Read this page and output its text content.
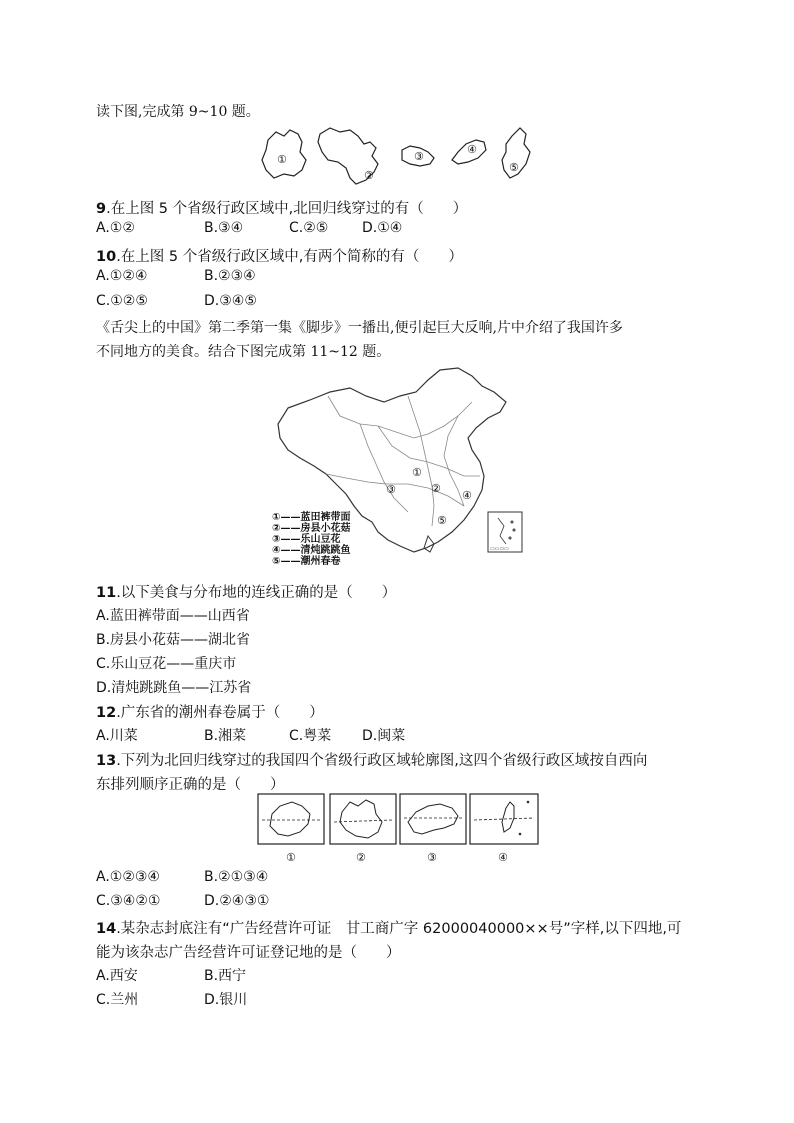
读下图,完成第 9~10 题。
①
②
③
④
⑤
9.在上图 5 个省级行政区域中,北回归线穿过的有（　　）
A.①②	B.③④	C.②⑤ D.①④
10.在上图 5 个省级行政区域中,有两个简称的有（　　）
A.①②④	B.②③④
C.①②⑤	D.③④⑤
《舌尖上的中国》第二季第一集《脚步》一播出,便引起巨大反响,片中介绍了我国许多
不同地方的美食。结合下图完成第 11~12 题。
▭▭▭▭
①
②
③	④
⑤
①——蓝田裤带面
②——房县小花菇
③——乐山豆花
④——清炖跳跳鱼
⑤——潮州春卷
11.以下美食与分布地的连线正确的是（　　）
A.蓝田裤带面——山西省
B.房县小花菇——湖北省
C.乐山豆花——重庆市
D.清炖跳跳鱼——江苏省
12.广东省的潮州春卷属于（　　）
A.川菜	B.湘菜	C.粤菜 D.闽菜
13.下列为北回归线穿过的我国四个省级行政区域轮廓图,这四个省级行政区域按自西向
东排列顺序正确的是（　　）
①	②	③	④
A.①②③④	B.②①③④
C.③④②①	D.②④③①
14.某杂志封底注有“广告经营许可证　甘工商广字 62000040000××号”字样,以下四地,可
能为该杂志广告经营许可证登记地的是（　　）
A.西安	B.西宁
C.兰州	D.银川
